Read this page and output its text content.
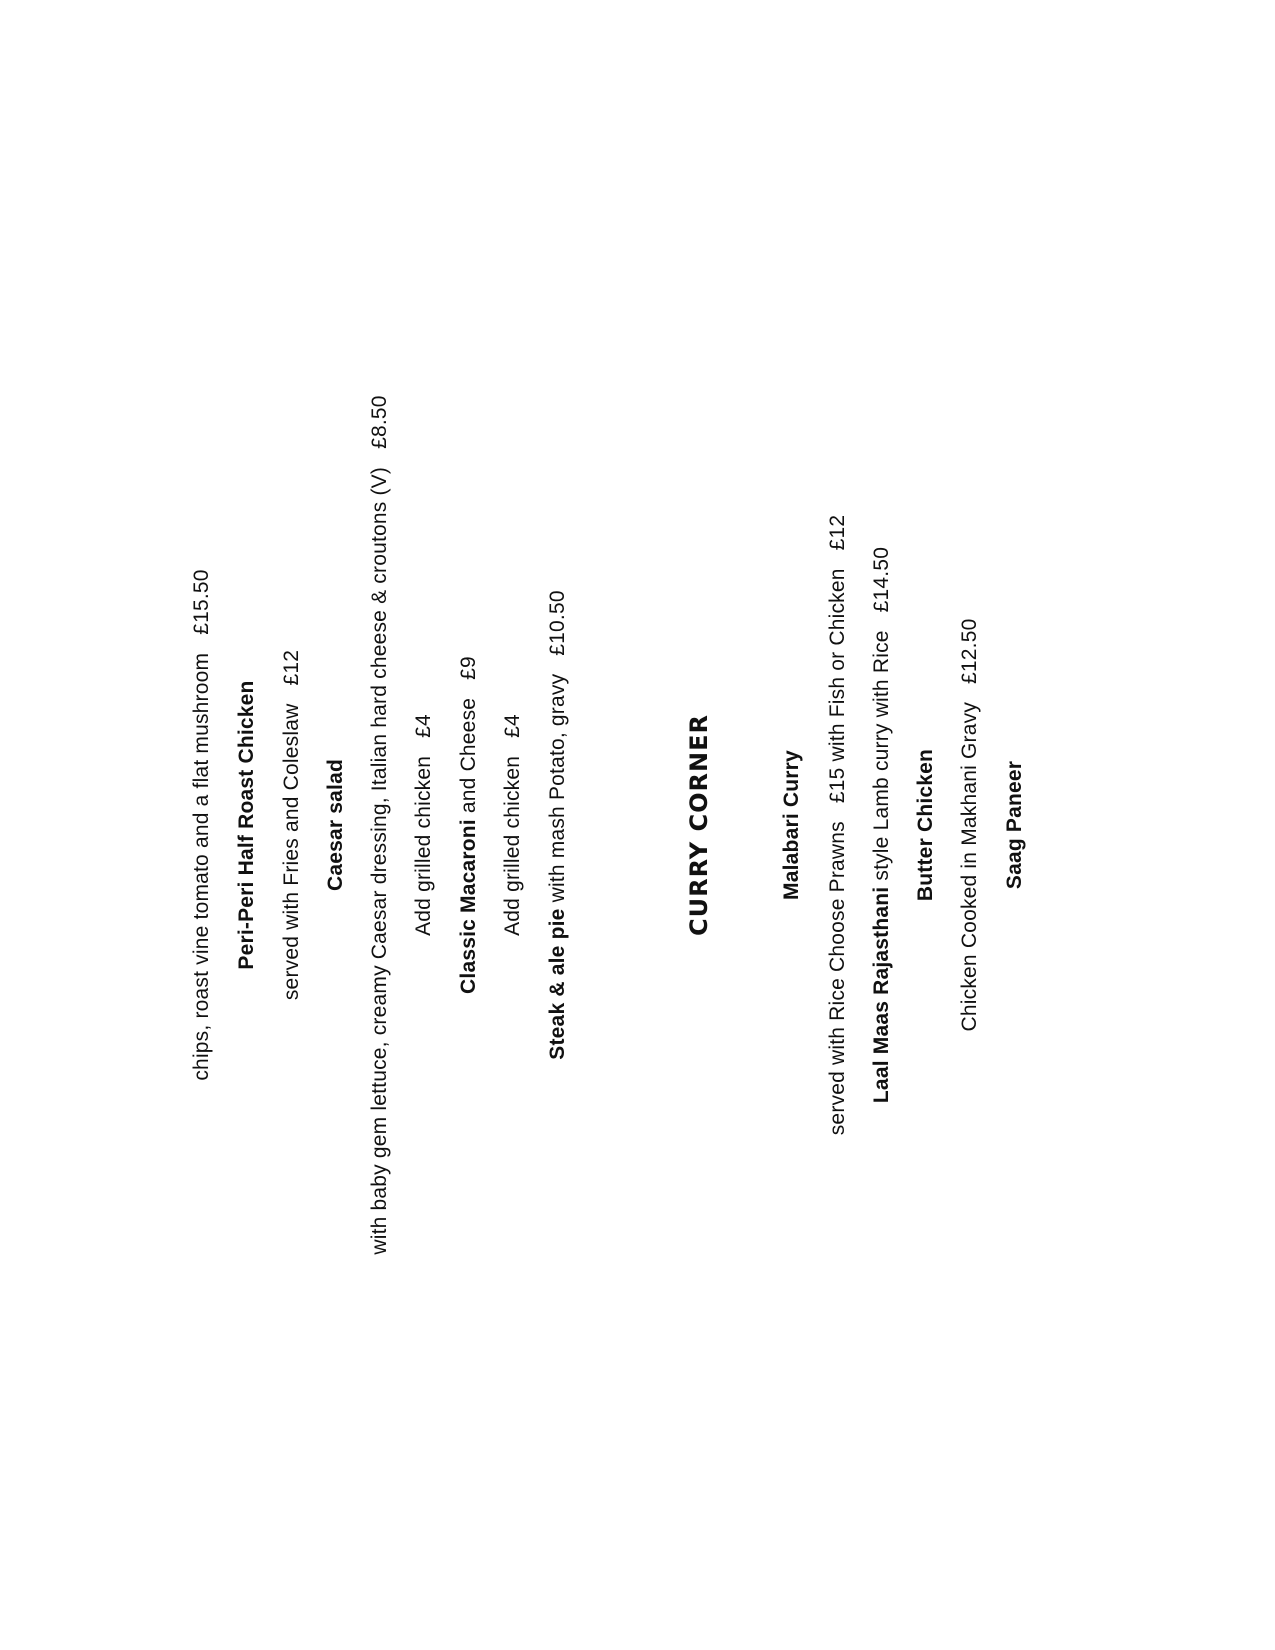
chips, roast vine tomato and a flat mushroom£15.50
Peri-Peri Half Roast Chicken served with Fries and Coleslaw£12
Caesar salad with baby gem lettuce, creamy Caesar dressing, Italian hard cheese & croutons (V)£8.50
Add grilled chicken£4
Classic Macaroni and Cheese£9
Add grilled chicken£4
Steak & ale pie with mash Potato, gravy£10.50
CURRY CORNER	Malabari Curry served with Rice Choose Prawns£15 with Fish or Chicken£12
Laal Maas Rajasthani style Lamb curry with Rice£14.50
Butter Chicken Chicken Cooked in Makhani Gravy£12.50
Saag Paneer
